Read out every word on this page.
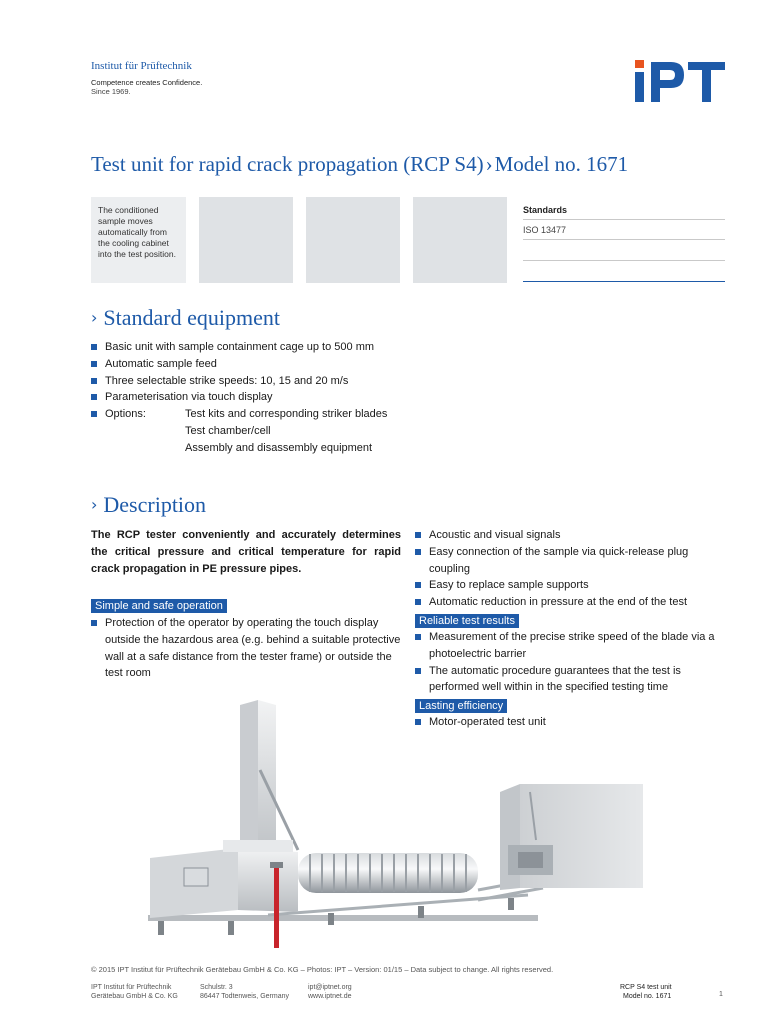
Institut für Prüftechnik
Competence creates Confidence.
Since 1969.
Test unit for rapid crack propagation (RCP S4)›Model no. 1671
The conditioned sample moves automatically from the cooling cabinet into the test position.
Standards
ISO 13477
› Standard equipment
Basic unit with sample containment cage up to 500 mm
Automatic sample feed
Three selectable strike speeds: 10, 15 and 20 m/s
Parameterisation via touch display
Options:	Test kits and corresponding striker blades
Test chamber/cell
Assembly and disassembly equipment
› Description
The RCP tester conveniently and accurately determines the critical pressure and critical temperature for rapid crack propagation in PE pressure pipes.
Simple and safe operation
Protection of the operator by operating the touch display outside the hazardous area (e.g. behind a suitable protective wall at a safe distance from the tester frame) or outside the test room
Acoustic and visual signals
Easy connection of the sample via quick-release plug coupling
Easy to replace sample supports
Automatic reduction in pressure at the end of the test
Reliable test results
Measurement of the precise strike speed of the blade via a photoelectric barrier
The automatic procedure guarantees that the test is performed well within in the specified testing time
Lasting efficiency
Motor-operated test unit
© 2015 IPT Institut für Prüftechnik Gerätebau GmbH & Co. KG – Photos: IPT – Version: 01/15 – Data subject to change. All rights reserved.
IPT Institut für Prüftechnik
Gerätebau GmbH & Co. KG
Schulstr. 3
86447 Todtenweis, Germany
ipt@iptnet.org
www.iptnet.de
RCP S4 test unit
Model no. 1671	1
